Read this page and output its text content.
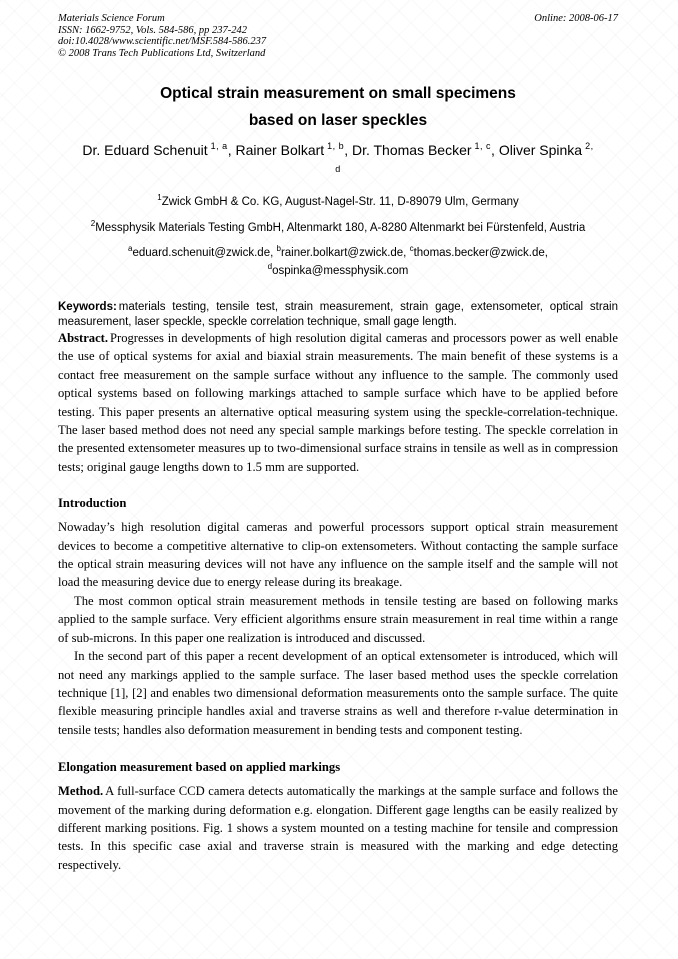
Materials Science Forum
ISSN: 1662-9752, Vols. 584-586, pp 237-242
doi:10.4028/www.scientific.net/MSF.584-586.237
© 2008 Trans Tech Publications Ltd, Switzerland
Online: 2008-06-17
Optical strain measurement on small specimens
based on laser speckles
Dr. Eduard Schenuit $^{1, a}$, Rainer Bolkart $^{1, b}$, Dr. Thomas Becker $^{1, c}$, Oliver Spinka $^{2, d}$
$^1$Zwick GmbH & Co. KG, August-Nagel-Str. 11, D-89079 Ulm, Germany
$^2$Messphysik Materials Testing GmbH, Altenmarkt 180, A-8280 Altenmarkt bei Fürstenfeld, Austria
$^a$eduard.schenuit@zwick.de, $^b$rainer.bolkart@zwick.de, $^c$thomas.becker@zwick.de,
$^d$ospinka@messphysik.com
Keywords: materials testing, tensile test, strain measurement, strain gage, extensometer, optical strain measurement, laser speckle, speckle correlation technique, small gage length.

Abstract. Progresses in developments of high resolution digital cameras and processors power as well enable the use of optical systems for axial and biaxial strain measurements. The main benefit of these systems is a contact free measurement on the sample surface without any influence to the sample. The commonly used optical systems based on following markings attached to sample surface which have to be applied before testing. This paper presents an alternative optical measuring system using the speckle-correlation-technique. The laser based method does not need any special sample markings before testing. The speckle correlation in the presented extensometer measures up to two-dimensional surface strains in tensile as well as in compression tests; original gauge lengths down to 1.5 mm are supported.

Introduction

Nowaday’s high resolution digital cameras and powerful processors support optical strain measurement devices to become a competitive alternative to clip-on extensometers. Without contacting the sample surface the optical strain measuring devices will not have any influence on the sample itself and the sample will not load the measuring device due to energy release during its breakage.

The most common optical strain measurement methods in tensile testing are based on following marks applied to the sample surface. Very efficient algorithms ensure strain measurement in real time within a range of sub-microns. In this paper one realization is introduced and discussed.

In the second part of this paper a recent development of an optical extensometer is introduced, which will not need any markings applied to the sample surface. The laser based method uses the speckle correlation technique [1], [2] and enables two dimensional deformation measurements onto the sample surface. The quite flexible measuring principle handles axial and traverse strains as well and therefore r-value determination in tensile tests; handles also deformation measurement in bending tests and component testing.

Elongation measurement based on applied markings

Method. A full-surface CCD camera detects automatically the markings at the sample surface and follows the movement of the marking during deformation e.g. elongation. Different gage lengths can be easily realized by different marking positions. Fig. 1 shows a system mounted on a testing machine for tensile and compression tests. In this specific case axial and traverse strain is measured with the marking and edge detecting respectively.
